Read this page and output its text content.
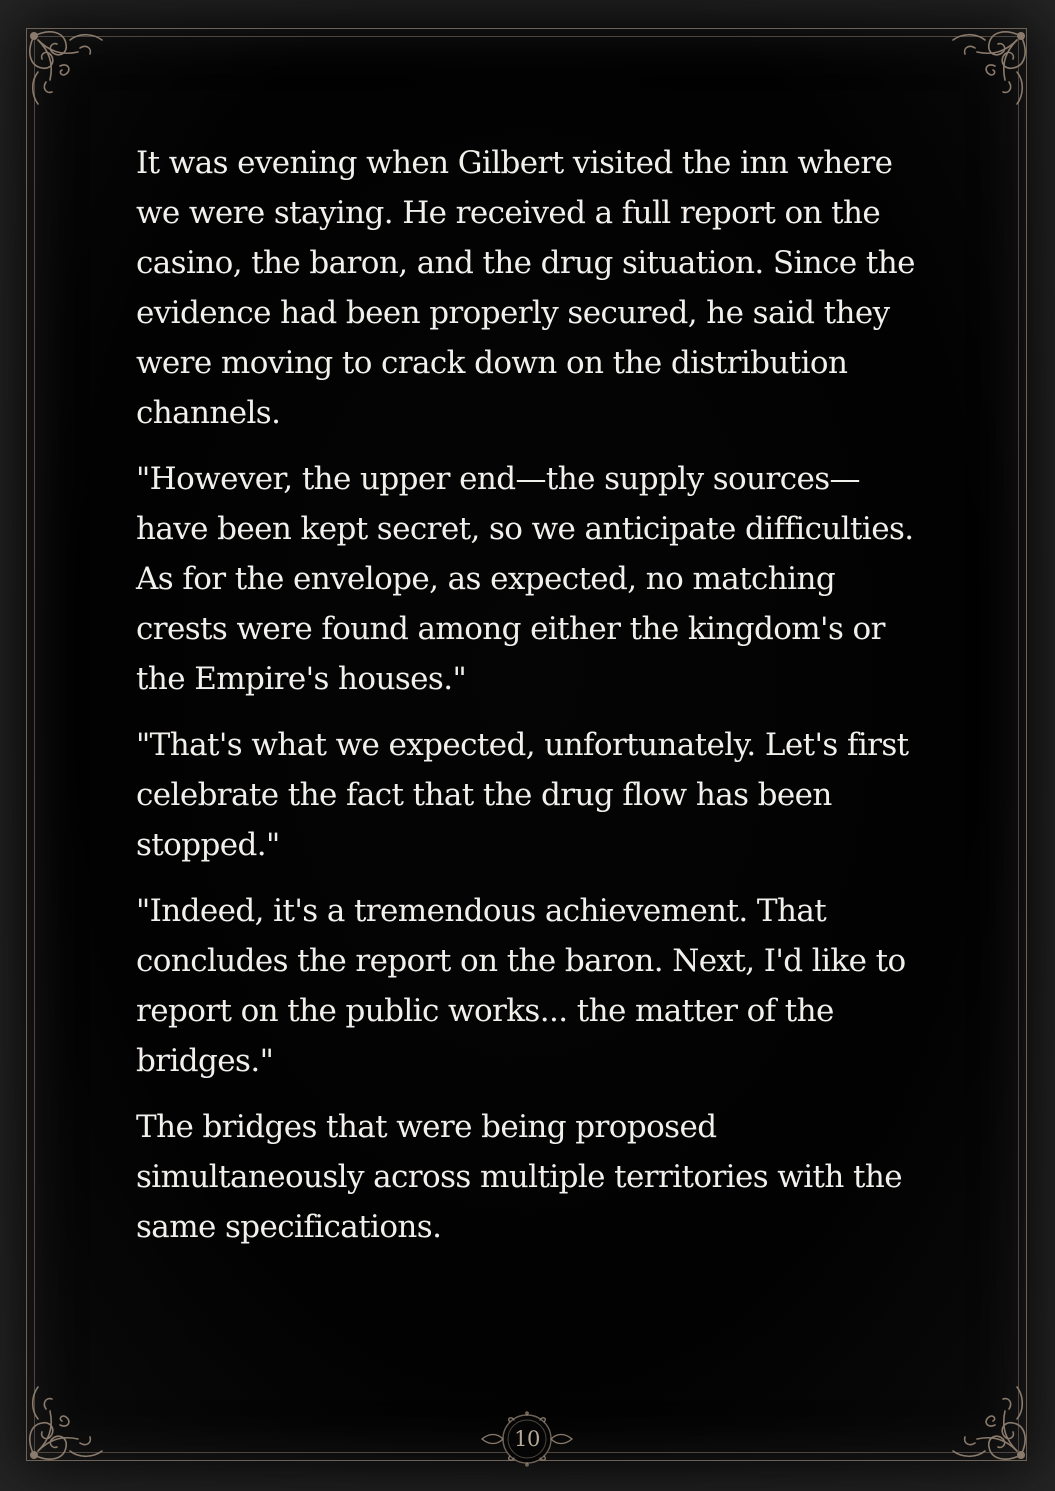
It was evening when Gilbert visited the inn where we were staying. He received a full report on the casino, the baron, and the drug situation. Since the evidence had been properly secured, he said they were moving to crack down on the distribution channels.

"However, the upper end—the supply sources—have been kept secret, so we anticipate difficulties. As for the envelope, as expected, no matching crests were found among either the kingdom's or the Empire's houses."

"That's what we expected, unfortunately. Let's first celebrate the fact that the drug flow has been stopped."

"Indeed, it's a tremendous achievement. That concludes the report on the baron. Next, I'd like to report on the public works... the matter of the bridges."

The bridges that were being proposed simultaneously across multiple territories with the same specifications.

10
